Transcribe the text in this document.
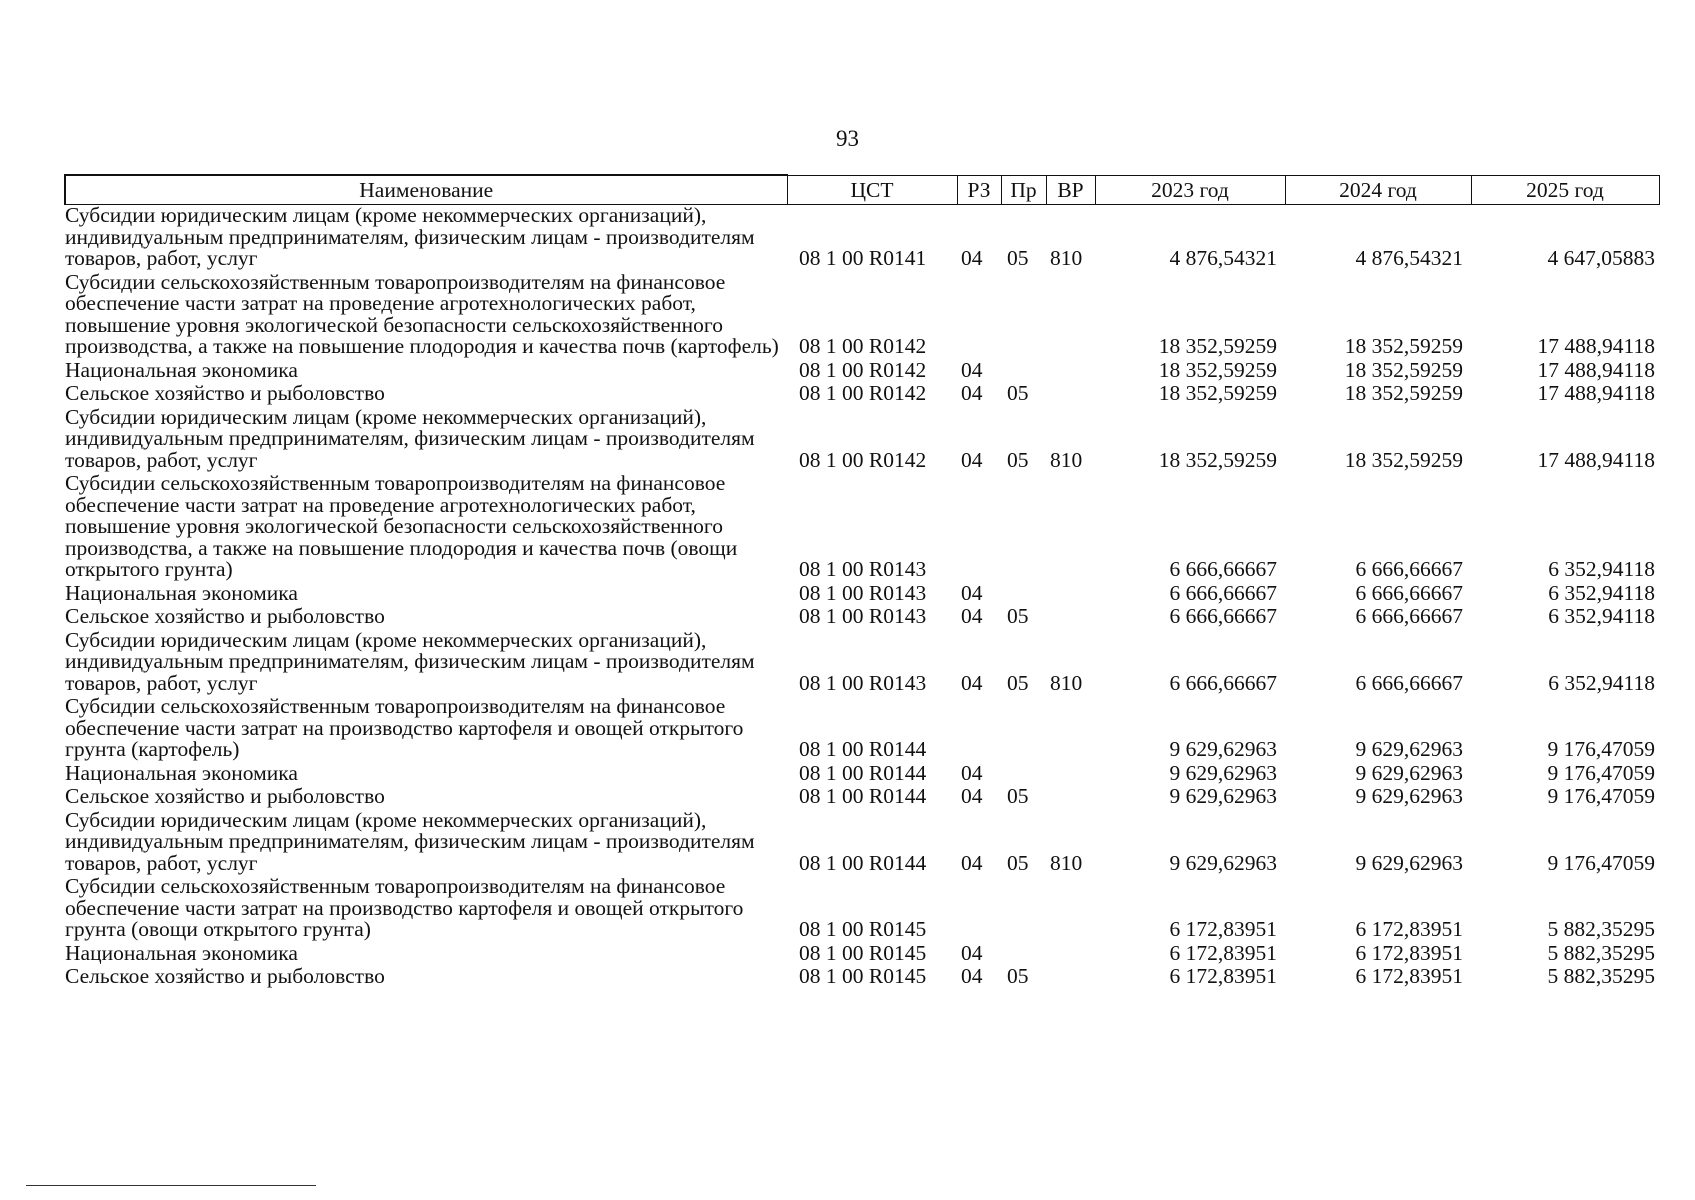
93
Наименование	ЦСТ	РЗ	Пр	ВР	2023 год	2024 год	2025 год
Субсидии юридическим лицам (кроме некоммерческих организаций), индивидуальным предпринимателям, физическим лицам - производителям товаров, работ, услуг	08 1 00 R0141	04	05	810	4 876,54321	4 876,54321	4 647,05883
Субсидии сельскохозяйственным товаропроизводителям на финансовое обеспечение части затрат на проведение агротехнологических работ, повышение уровня экологической безопасности сельскохозяйственного производства, а также на повышение плодородия и качества почв (картофель)	08 1 00 R0142				18 352,59259	18 352,59259	17 488,94118
Национальная экономика	08 1 00 R0142	04			18 352,59259	18 352,59259	17 488,94118
Сельское хозяйство и рыболовство	08 1 00 R0142	04	05		18 352,59259	18 352,59259	17 488,94118
Субсидии юридическим лицам (кроме некоммерческих организаций), индивидуальным предпринимателям, физическим лицам - производителям товаров, работ, услуг	08 1 00 R0142	04	05	810	18 352,59259	18 352,59259	17 488,94118
Субсидии сельскохозяйственным товаропроизводителям на финансовое обеспечение части затрат на проведение агротехнологических работ, повышение уровня экологической безопасности сельскохозяйственного производства, а также на повышение плодородия и качества почв (овощи открытого грунта)	08 1 00 R0143				6 666,66667	6 666,66667	6 352,94118
Национальная экономика	08 1 00 R0143	04			6 666,66667	6 666,66667	6 352,94118
Сельское хозяйство и рыболовство	08 1 00 R0143	04	05		6 666,66667	6 666,66667	6 352,94118
Субсидии юридическим лицам (кроме некоммерческих организаций), индивидуальным предпринимателям, физическим лицам - производителям товаров, работ, услуг	08 1 00 R0143	04	05	810	6 666,66667	6 666,66667	6 352,94118
Субсидии сельскохозяйственным товаропроизводителям на финансовое обеспечение части затрат на производство картофеля и овощей открытого грунта (картофель)	08 1 00 R0144				9 629,62963	9 629,62963	9 176,47059
Национальная экономика	08 1 00 R0144	04			9 629,62963	9 629,62963	9 176,47059
Сельское хозяйство и рыболовство	08 1 00 R0144	04	05		9 629,62963	9 629,62963	9 176,47059
Субсидии юридическим лицам (кроме некоммерческих организаций), индивидуальным предпринимателям, физическим лицам - производителям товаров, работ, услуг	08 1 00 R0144	04	05	810	9 629,62963	9 629,62963	9 176,47059
Субсидии сельскохозяйственным товаропроизводителям на финансовое обеспечение части затрат на производство картофеля и овощей открытого грунта (овощи открытого грунта)	08 1 00 R0145				6 172,83951	6 172,83951	5 882,35295
Национальная экономика	08 1 00 R0145	04			6 172,83951	6 172,83951	5 882,35295
Сельское хозяйство и рыболовство	08 1 00 R0145	04	05		6 172,83951	6 172,83951	5 882,35295
